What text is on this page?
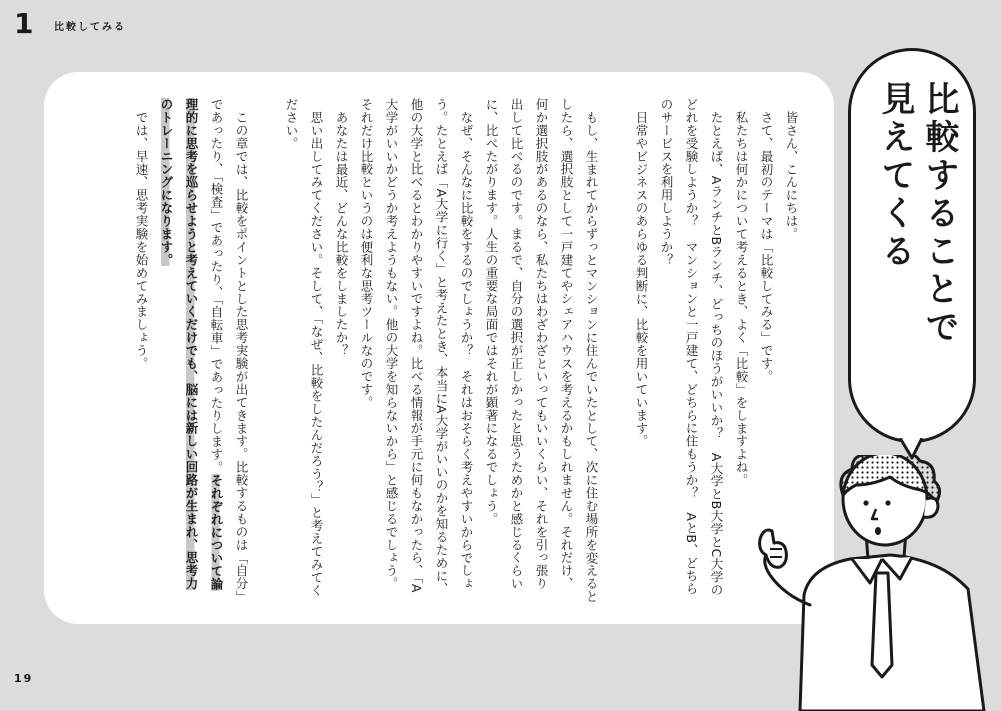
1 比較してみる

皆さん、こんにちは。

さて、最初のテーマは「比較してみる」です。

私たちは何かについて考えるとき、よく「比較」をしますよね。

たとえば、AランチとBランチ、どっちのほうがいいか？　A大学とB大学とC大学のどれを受験しようか？　マンションと一戸建て、どちらに住もうか？　AとB、どちらのサービスを利用しようか？

日常やビジネスのあらゆる判断に、比較を用いています。

もし、生まれてからずっとマンションに住んでいたとして、次に住む場所を変えるとしたら、選択肢として一戸建てやシェアハウスを考えるかもしれません。それだけ、何か選択肢があるのなら、私たちはわざわざといってもいいくらい、それを引っ張り出して比べるのです。まるで、自分の選択が正しかったと思うためかと感じるくらいに、比べたがります。人生の重要な局面ではそれが顕著になるでしょう。

なぜ、そんなに比較をするのでしょうか？　それはおそらく考えやすいからでしょう。たとえば「A大学に行く」と考えたとき、本当にA大学がいいのかを知るために、他の大学と比べるとわかりやすいですよね。比べる情報が手元に何もなかったら、「A大学がいいかどうか考えようもない。他の大学を知らないから」と感じるでしょう。それだけ比較というのは便利な思考ツールなのです。

あなたは最近、どんな比較をしましたか？

思い出してみてください。そして、「なぜ、比較をしたんだろう？」と考えてみてください。

この章では、比較をポイントとした思考実験が出てきます。比較するものは「自分」であったり、「検査」であったり、「自転車」であったりします。それぞれについて論理的に思考を巡らせようと考えていくだけでも、脳には新しい回路が生まれ、思考力のトレーニングになります。

では、早速、思考実験を始めてみましょう。	比較することで
見えてくる
19
